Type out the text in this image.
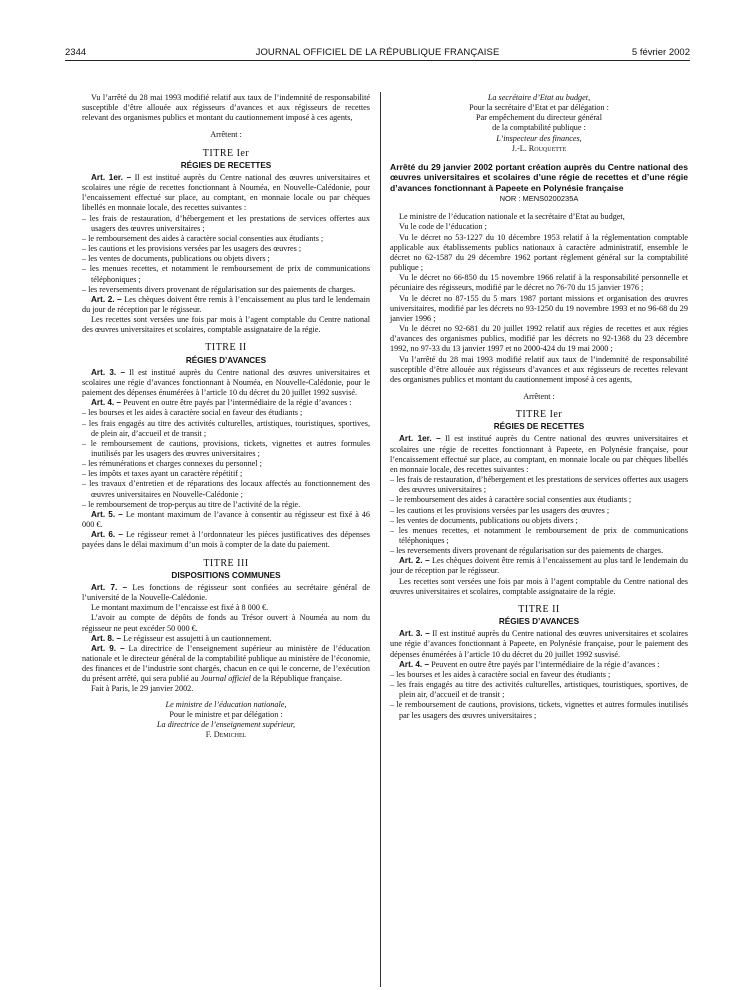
2344	JOURNAL OFFICIEL DE LA RÉPUBLIQUE FRANÇAISE	5 février 2002

Vu l’arrêté du 28 mai 1993 modifié relatif aux taux de l’indemnité de responsabilité susceptible d’être allouée aux régisseurs d’avances et aux régisseurs de recettes relevant des organismes publics et montant du cautionnement imposé à ces agents,

Arrêtent :

TITRE Ier

RÉGIES DE RECETTES

Art. 1er. – Il est institué auprès du Centre national des œuvres universitaires et scolaires une régie de recettes fonctionnant à Nouméa, en Nouvelle-Calédonie, pour l’encaissement effectué sur place, au comptant, en monnaie locale ou par chèques libellés en monnaie locale, des recettes suivantes :

– les frais de restauration, d’hébergement et les prestations de services offertes aux usagers des œuvres universitaires ;
– le remboursement des aides à caractère social consenties aux étudiants ;
– les cautions et les provisions versées par les usagers des œuvres ;
– les ventes de documents, publications ou objets divers ;
– les menues recettes, et notamment le remboursement de prix de communications téléphoniques ;
– les reversements divers provenant de régularisation sur des paiements de charges.

Art. 2. – Les chèques doivent être remis à l’encaissement au plus tard le lendemain du jour de réception par le régisseur.

Les recettes sont versées une fois par mois à l’agent comptable du Centre national des œuvres universitaires et scolaires, comptable assignataire de la régie.

TITRE II

RÉGIES D’AVANCES

Art. 3. – Il est institué auprès du Centre national des œuvres universitaires et scolaires une régie d’avances fonctionnant à Nouméa, en Nouvelle-Calédonie, pour le paiement des dépenses énumérées à l’article 10 du décret du 20 juillet 1992 susvisé.

Art. 4. – Peuvent en outre être payés par l’intermédiaire de la régie d’avances :

– les bourses et les aides à caractère social en faveur des étudiants ;
– les frais engagés au titre des activités culturelles, artistiques, touristiques, sportives, de plein air, d’accueil et de transit ;
– le remboursement de cautions, provisions, tickets, vignettes et autres formules inutilisés par les usagers des œuvres universitaires ;
– les rémunérations et charges connexes du personnel ;
– les impôts et taxes ayant un caractère répétitif ;
– les travaux d’entretien et de réparations des locaux affectés au fonctionnement des œuvres universitaires en Nouvelle-Calédonie ;
– le remboursement de trop-perçus au titre de l’activité de la régie.

Art. 5. – Le montant maximum de l’avance à consentir au régisseur est fixé à 46 000 €.

Art. 6. – Le régisseur remet à l’ordonnateur les pièces justificatives des dépenses payées dans le délai maximum d’un mois à compter de la date du paiement.

TITRE III

DISPOSITIONS COMMUNES

Art. 7. – Les fonctions de régisseur sont confiées au secrétaire général de l’université de la Nouvelle-Calédonie.

Le montant maximum de l’encaisse est fixé à 8 000 €.

L’avoir au compte de dépôts de fonds au Trésor ouvert à Nouméa au nom du régisseur ne peut excéder 50 000 €.

Art. 8. – Le régisseur est assujetti à un cautionnement.

Art. 9. – La directrice de l’enseignement supérieur au ministère de l’éducation nationale et le directeur général de la comptabilité publique au ministère de l’économie, des finances et de l’industrie sont chargés, chacun en ce qui le concerne, de l’exécution du présent arrêté, qui sera publié au Journal officiel de la République française.

Fait à Paris, le 29 janvier 2002.

Le ministre de l’éducation nationale,

Pour le ministre et par délégation :

La directrice de l’enseignement supérieur,

F. Demichel

La secrétaire d’Etat au budget,

Pour la secrétaire d’Etat et par délégation :

Par empêchement du directeur général

de la comptabilité publique :

L’inspecteur des finances,

J.-L. Rouquette

Arrêté du 29 janvier 2002 portant création auprès du Centre national des œuvres universitaires et scolaires d’une régie de recettes et d’une régie d’avances fonctionnant à Papeete en Polynésie française

NOR : MENS0200235A

Le ministre de l’éducation nationale et la secrétaire d’Etat au budget,

Vu le code de l’éducation ;

Vu le décret no 53-1227 du 10 décembre 1953 relatif à la réglementation comptable applicable aux établissements publics nationaux à caractère administratif, ensemble le décret no 62-1587 du 29 décembre 1962 portant règlement général sur la comptabilité publique ;

Vu le décret no 66-850 du 15 novembre 1966 relatif à la responsabilité personnelle et pécuniaire des régisseurs, modifié par le décret no 76-70 du 15 janvier 1976 ;

Vu le décret no 87-155 du 5 mars 1987 portant missions et organisation des œuvres universitaires, modifié par les décrets no 93-1250 du 19 novembre 1993 et no 96-68 du 29 janvier 1996 ;

Vu le décret no 92-681 du 20 juillet 1992 relatif aux régies de recettes et aux régies d’avances des organismes publics, modifié par les décrets no 92-1368 du 23 décembre 1992, no 97-33 du 13 janvier 1997 et no 2000-424 du 19 mai 2000 ;

Vu l’arrêté du 28 mai 1993 modifié relatif aux taux de l’indemnité de responsabilité susceptible d’être allouée aux régisseurs d’avances et aux régisseurs de recettes relevant des organismes publics et montant du cautionnement imposé à ces agents,

Arrêtent :

TITRE Ier

RÉGIES DE RECETTES

Art. 1er. – Il est institué auprès du Centre national des œuvres universitaires et scolaires une régie de recettes fonctionnant à Papeete, en Polynésie française, pour l’encaissement effectué sur place, au comptant, en monnaie locale ou par chèques libellés en monnaie locale, des recettes suivantes :

– les frais de restauration, d’hébergement et les prestations de services offertes aux usagers des œuvres universitaires ;
– le remboursement des aides à caractère social consenties aux étudiants ;
– les cautions et les provisions versées par les usagers des œuvres ;
– les ventes de documents, publications ou objets divers ;
– les menues recettes, et notamment le remboursement de prix de communications téléphoniques ;
– les reversements divers provenant de régularisation sur des paiements de charges.

Art. 2. – Les chèques doivent être remis à l’encaissement au plus tard le lendemain du jour de réception par le régisseur.

Les recettes sont versées une fois par mois à l’agent comptable du Centre national des œuvres universitaires et scolaires, comptable assignataire de la régie.

TITRE II

RÉGIES D’AVANCES

Art. 3. – Il est institué auprès du Centre national des œuvres universitaires et scolaires une régie d’avances fonctionnant à Papeete, en Polynésie française, pour le paiement des dépenses énumérées à l’article 10 du décret du 20 juillet 1992 susvisé.

Art. 4. – Peuvent en outre être payés par l’intermédiaire de la régie d’avances :

– les bourses et les aides à caractère social en faveur des étudiants ;
– les frais engagés au titre des activités culturelles, artistiques, touristiques, sportives, de plein air, d’accueil et de transit ;
– le remboursement de cautions, provisions, tickets, vignettes et autres formules inutilisés par les usagers des œuvres universitaires ;
